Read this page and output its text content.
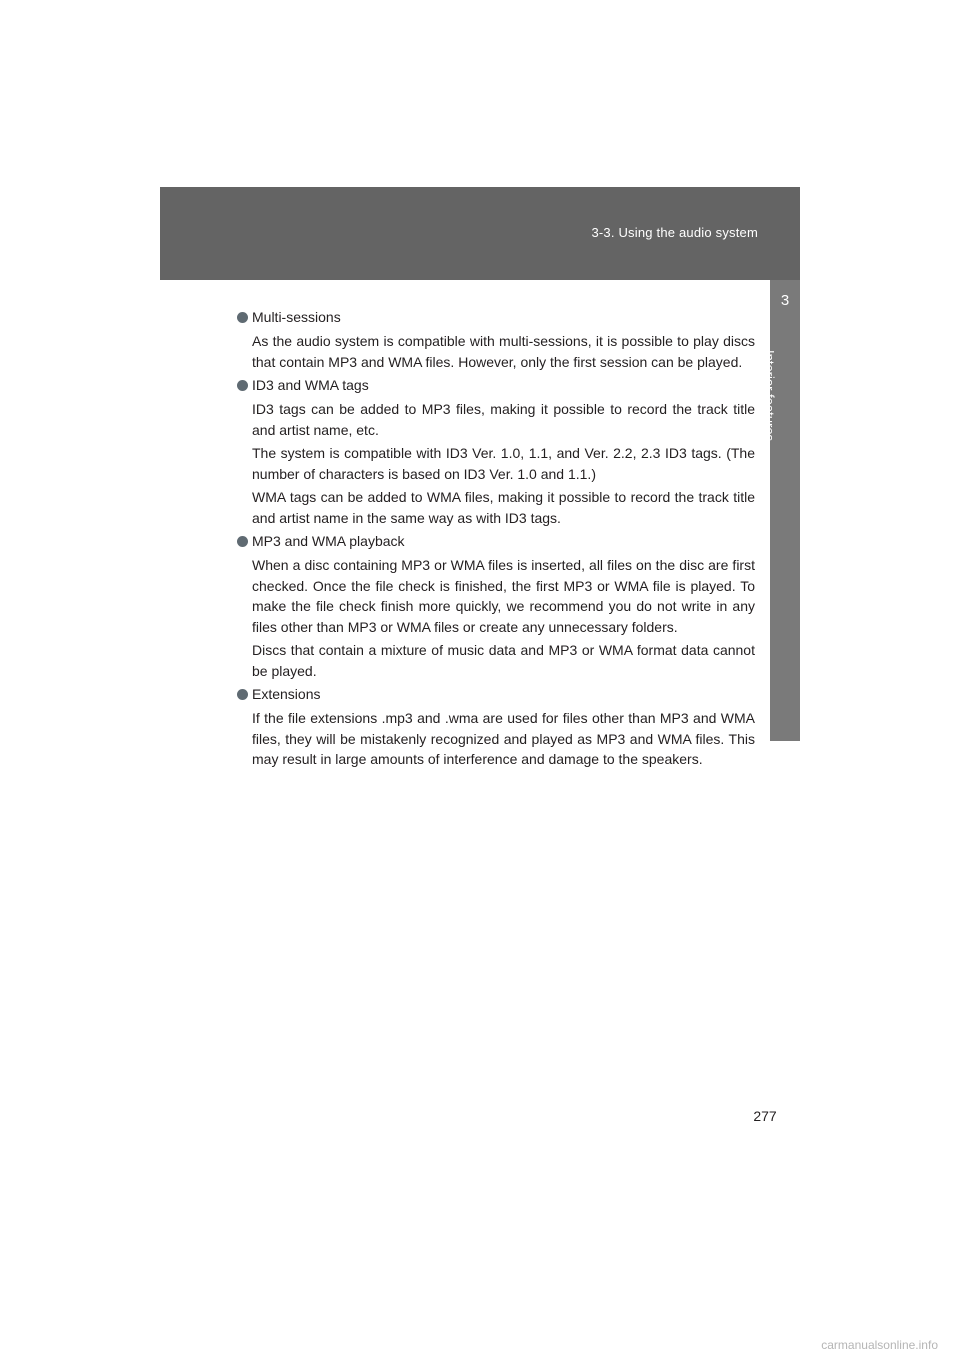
3-3. Using the audio system
3
Interior features
Multi-sessions

As the audio system is compatible with multi-sessions, it is possible to play discs that contain MP3 and WMA files. However, only the first session can be played.

ID3 and WMA tags

ID3 tags can be added to MP3 files, making it possible to record the track title and artist name, etc.

The system is compatible with ID3 Ver. 1.0, 1.1, and Ver. 2.2, 2.3 ID3 tags. (The number of characters is based on ID3 Ver. 1.0 and 1.1.)

WMA tags can be added to WMA files, making it possible to record the track title and artist name in the same way as with ID3 tags.

MP3 and WMA playback

When a disc containing MP3 or WMA files is inserted, all files on the disc are first checked. Once the file check is finished, the first MP3 or WMA file is played. To make the file check finish more quickly, we recommend you do not write in any files other than MP3 or WMA files or create any unnecessary folders.

Discs that contain a mixture of music data and MP3 or WMA format data cannot be played.

Extensions

If the file extensions .mp3 and .wma are used for files other than MP3 and WMA files, they will be mistakenly recognized and played as MP3 and WMA files. This may result in large amounts of interference and damage to the speakers.

277
carmanualsonline.info
